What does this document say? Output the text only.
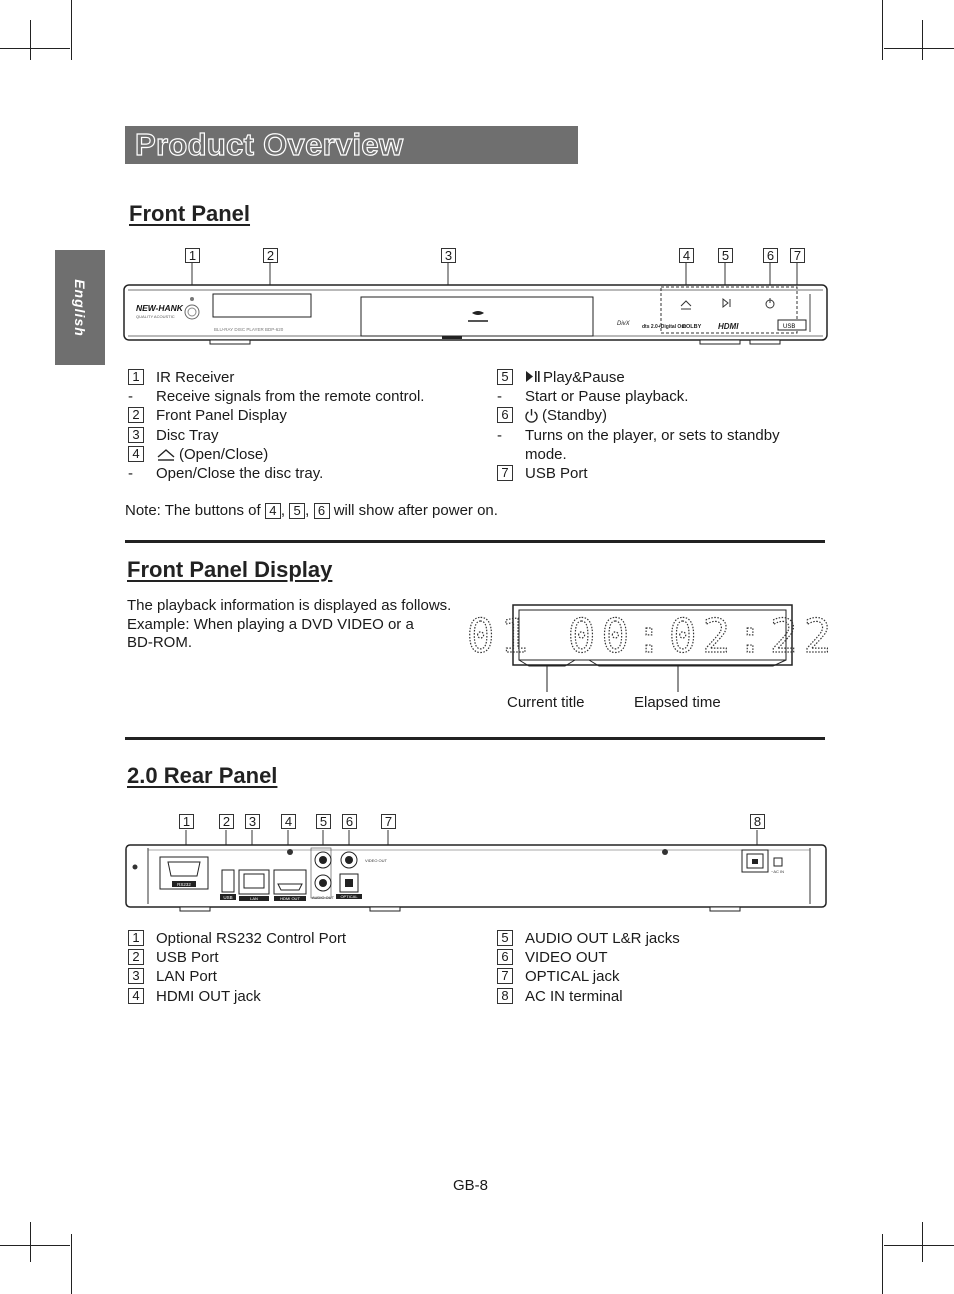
English
Product Overview
Front Panel
USB
NEW-HANK
QUALITY ACOUSTIC
BLU-RAY DISC PLAYER BDP-620
DivX dts 2.0+Digital Out
DOLBY HDMI
1	2	3	4 5	6 7
1 IR Receiver
- Receive signals from the remote control.
2 Front Panel Display
3 Disc Tray
4	(Open/Close)
- Open/Close the disc tray.
5 Play&Pause
- Start or Pause playback.
6 (Standby)
- Turns on the player, or sets to standby
mode.
7 USB Port
Note: The buttons of 4 , 5 , 6 will show after power on.
Front Panel Display
The playback information is displayed as follows.
Example: When playing a DVD VIDEO or a
BD-ROM.	01 00:02:22
Current title	Elapsed time
2.0 Rear Panel
RS232
USB	LAN	HDMI OUT	AUDIO OUT
VIDEO OUT
OPTICAL
~AC IN
1	2 3 4 5 6 7	8
1 Optional RS232 Control Port
2 USB Port
3 LAN Port
4 HDMI OUT jack
5 AUDIO OUT L&R jacks
6 VIDEO OUT
7 OPTICAL jack
8 AC IN terminal
GB-8
